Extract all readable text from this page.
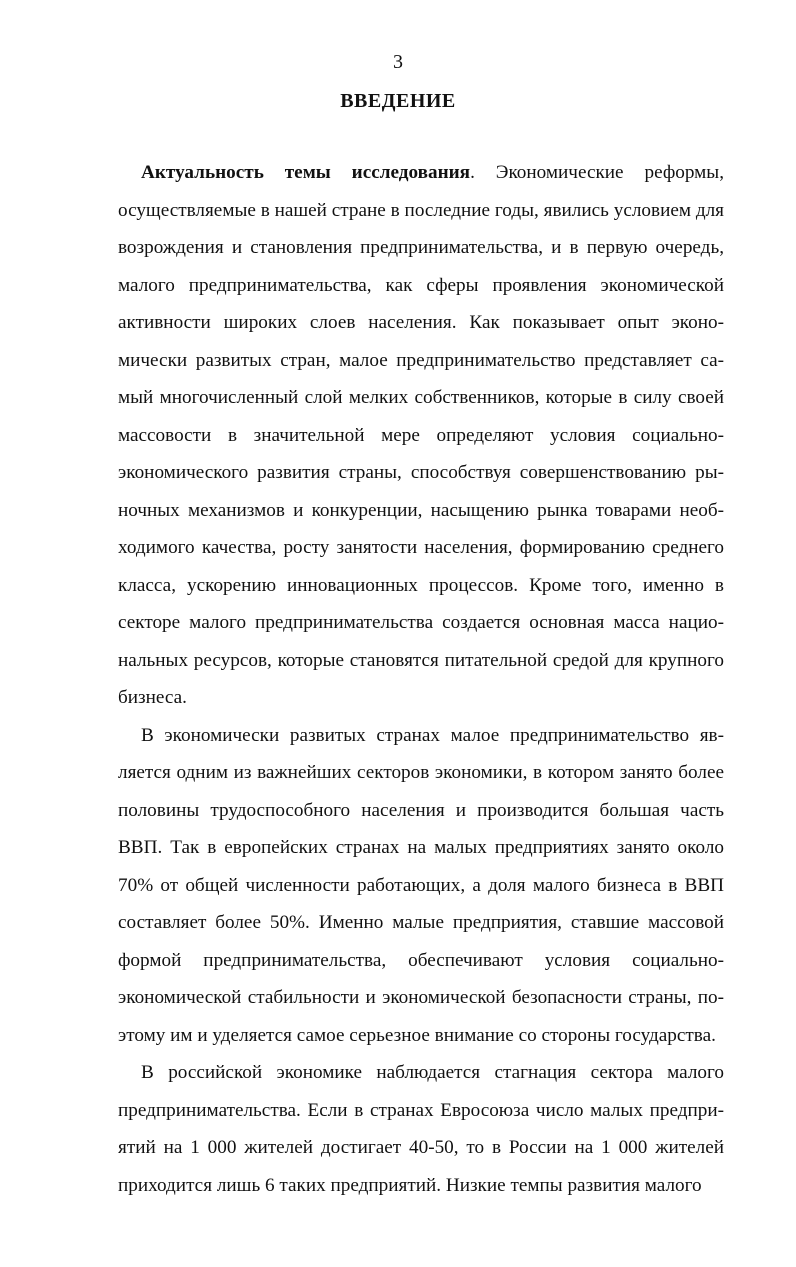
3
ВВЕДЕНИЕ

Актуальность темы исследования. Экономические реформы, осуществляемые в нашей стране в последние годы, явились условием для возрождения и становления предпринимательства, и в первую очередь, малого предпринимательства, как сферы проявления экономической активности широких слоев населения. Как показывает опыт экономически развитых стран, малое предпринимательство представляет самый многочисленный слой мелких собственников, которые в силу своей массовости в значительной мере определяют условия социально-экономического развития страны, способствуя совершенствованию рыночных механизмов и конкуренции, насыщению рынка товарами необходимого качества, росту занятости населения, формированию среднего класса, ускорению инновационных процессов. Кроме того, именно в секторе малого предпринимательства создается основная масса национальных ресурсов, которые становятся питательной средой для крупного бизнеса.

В экономически развитых странах малое предпринимательство является одним из важнейших секторов экономики, в котором занято более половины трудоспособного населения и производится большая часть ВВП. Так в европейских странах на малых предприятиях занято около 70% от общей численности работающих, а доля малого бизнеса в ВВП составляет более 50%. Именно малые предприятия, ставшие массовой формой предпринимательства, обеспечивают условия социально-экономической стабильности и экономической безопасности страны, поэтому им и уделяется самое серьезное внимание со стороны государства.

В российской экономике наблюдается стагнация сектора малого предпринимательства. Если в странах Евросоюза число малых предприятий на 1 000 жителей достигает 40-50, то в России на 1 000 жителей приходится лишь 6 таких предприятий. Низкие темпы развития малого
